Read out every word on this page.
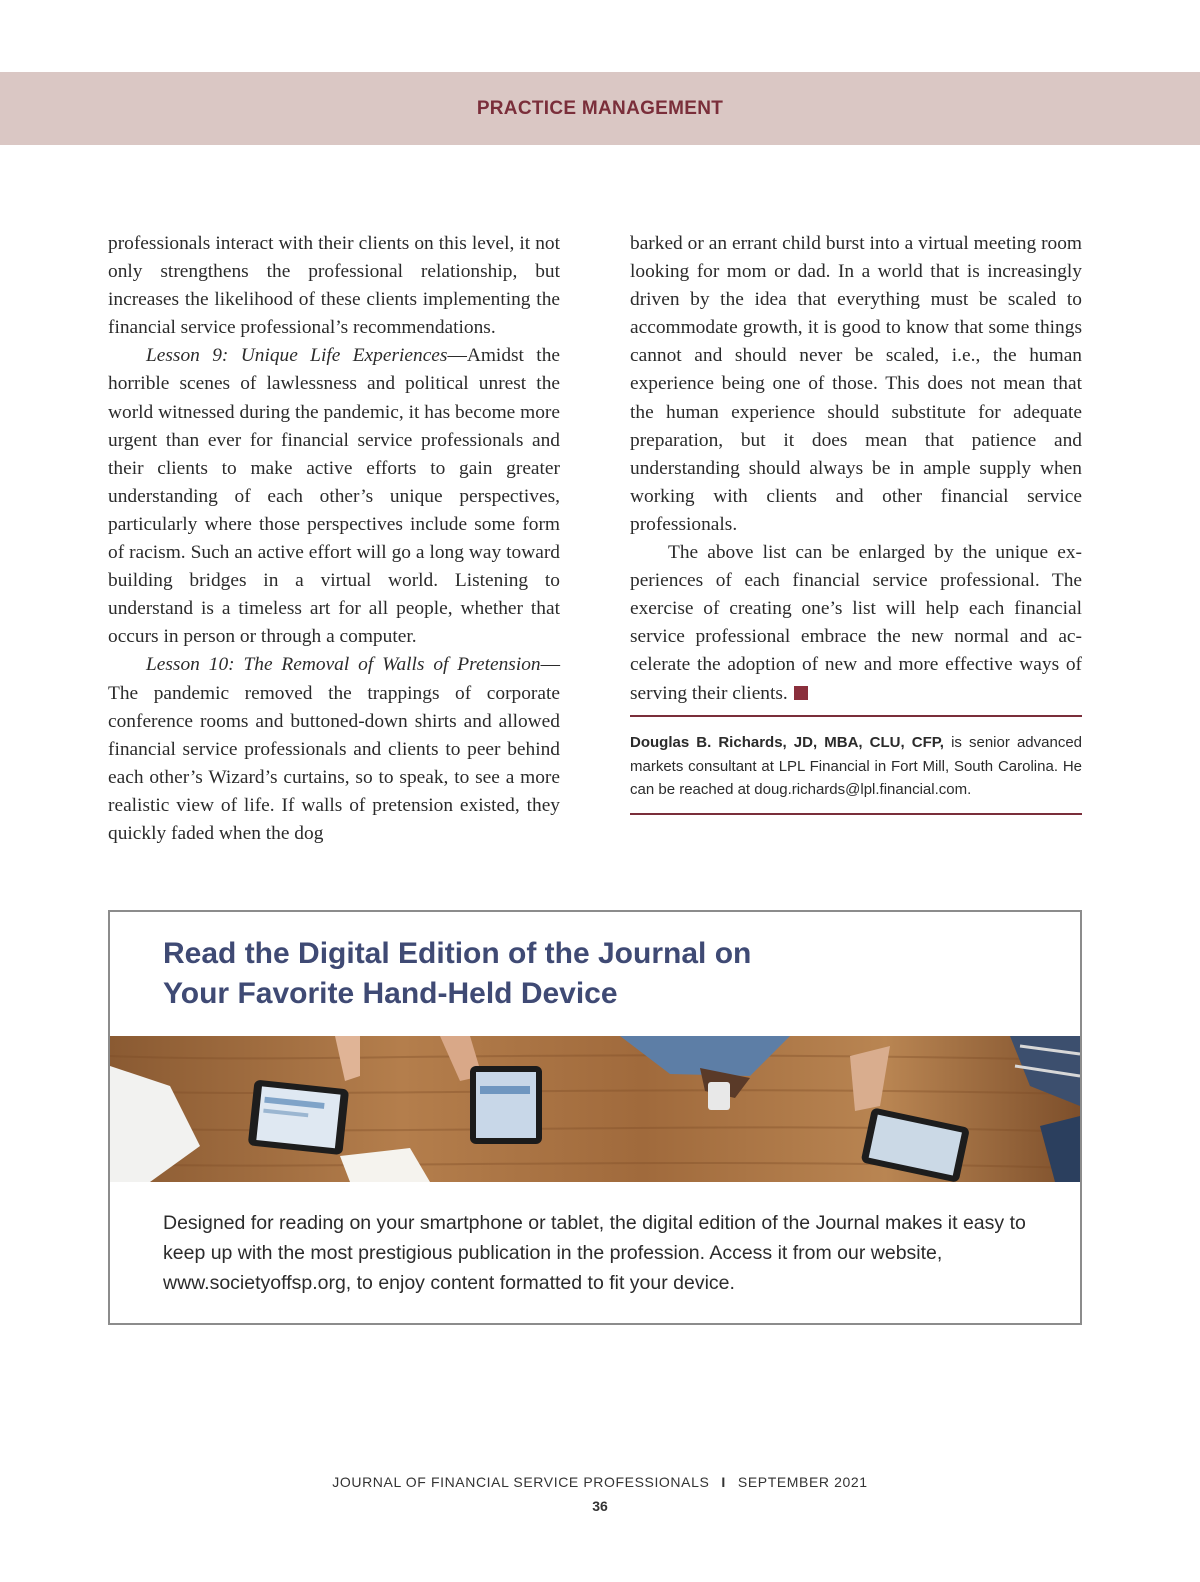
PRACTICE MANAGEMENT

professionals interact with their clients on this level, it not only strengthens the professional relationship, but increases the likelihood of these clients implementing the financial service professional’s recommendations.

Lesson 9: Unique Life Experiences—Amidst the horrible scenes of lawlessness and political unrest the world witnessed during the pandemic, it has become more urgent than ever for financial service professionals and their clients to make active efforts to gain greater understanding of each other’s unique perspectives, particularly where those perspectives include some form of racism. Such an active effort will go a long way toward building bridges in a virtual world. Listening to understand is a timeless art for all people, whether that occurs in person or through a computer.

Lesson 10: The Removal of Walls of Pretension—The pandemic removed the trappings of corporate conference rooms and buttoned-down shirts and allowed financial service professionals and clients to peer behind each other’s Wizard’s curtains, so to speak, to see a more realistic view of life. If walls of pretension existed, they quickly faded when the dog

barked or an errant child burst into a virtual meeting room looking for mom or dad. In a world that is increasingly driven by the idea that everything must be scaled to accommodate growth, it is good to know that some things cannot and should never be scaled, i.e., the human experience being one of those. This does not mean that the human experience should substitute for adequate preparation, but it does mean that patience and understanding should always be in ample supply when working with clients and other financial service professionals.

The above list can be enlarged by the unique experiences of each financial service professional. The exercise of creating one’s list will help each financial service professional embrace the new normal and accelerate the adoption of new and more effective ways of serving their clients.

Douglas B. Richards, JD, MBA, CLU, CFP, is senior advanced markets consultant at LPL Financial in Fort Mill, South Carolina. He can be reached at doug.richards@lpl.financial.com.
Read the Digital Edition of the Journal on
Your Favorite Hand-Held Device
Designed for reading on your smartphone or tablet, the digital edition of the Journal makes it easy to keep up with the most prestigious publication in the profession. Access it from our website, www.societyoffsp.org, to enjoy content formatted to fit your device.
JOURNAL OF FINANCIAL SERVICE PROFESSIONALS I SEPTEMBER 2021
36
